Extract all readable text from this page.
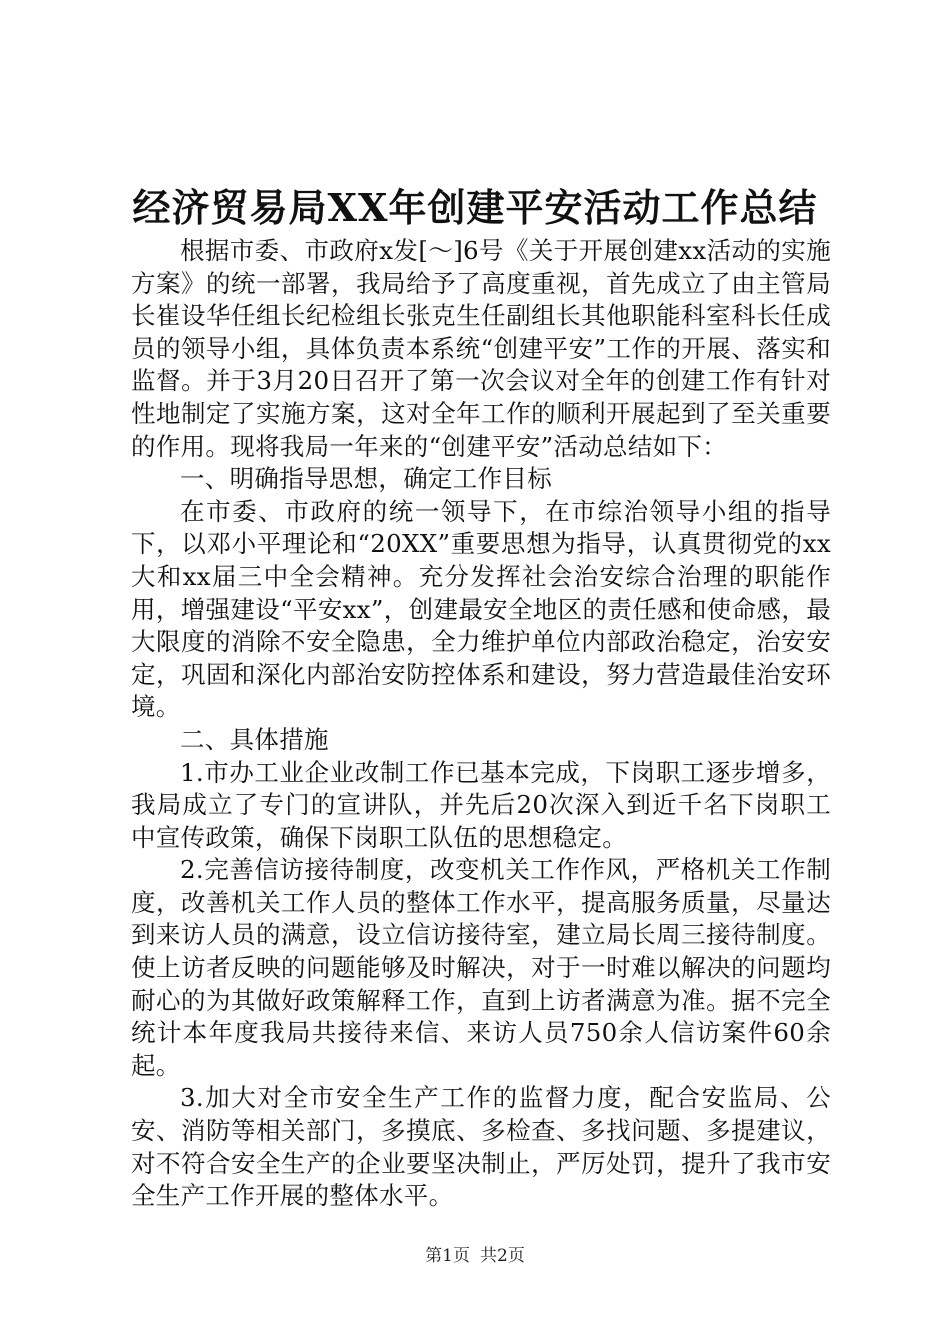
经济贸易局XX年创建平安活动工作总结

根据市委、市政府x发[～]6号《关于开展创建xx活动的实施方案》的统一部署，我局给予了高度重视，首先成立了由主管局长崔设华任组长纪检组长张克生任副组长其他职能科室科长任成员的领导小组，具体负责本系统“创建平安”工作的开展、落实和监督。并于3月20日召开了第一次会议对全年的创建工作有针对性地制定了实施方案，这对全年工作的顺利开展起到了至关重要的作用。现将我局一年来的“创建平安”活动总结如下：

一、明确指导思想，确定工作目标

在市委、市政府的统一领导下，在市综治领导小组的指导下，以邓小平理论和“20XX”重要思想为指导，认真贯彻党的xx大和xx届三中全会精神。充分发挥社会治安综合治理的职能作用，增强建设“平安xx”，创建最安全地区的责任感和使命感，最大限度的消除不安全隐患，全力维护单位内部政治稳定，治安安定，巩固和深化内部治安防控体系和建设，努力营造最佳治安环境。

二、具体措施

1.市办工业企业改制工作已基本完成，下岗职工逐步增多，我局成立了专门的宣讲队，并先后20次深入到近千名下岗职工中宣传政策，确保下岗职工队伍的思想稳定。

2.完善信访接待制度，改变机关工作作风，严格机关工作制度，改善机关工作人员的整体工作水平，提高服务质量，尽量达到来访人员的满意，设立信访接待室，建立局长周三接待制度。使上访者反映的问题能够及时解决，对于一时难以解决的问题均耐心的为其做好政策解释工作，直到上访者满意为准。据不完全统计本年度我局共接待来信、来访人员750余人信访案件60余起。

3.加大对全市安全生产工作的监督力度，配合安监局、公安、消防等相关部门，多摸底、多检查、多找问题、多提建议，对不符合安全生产的企业要坚决制止，严厉处罚，提升了我市安全生产工作开展的整体水平。

第1页 共2页
